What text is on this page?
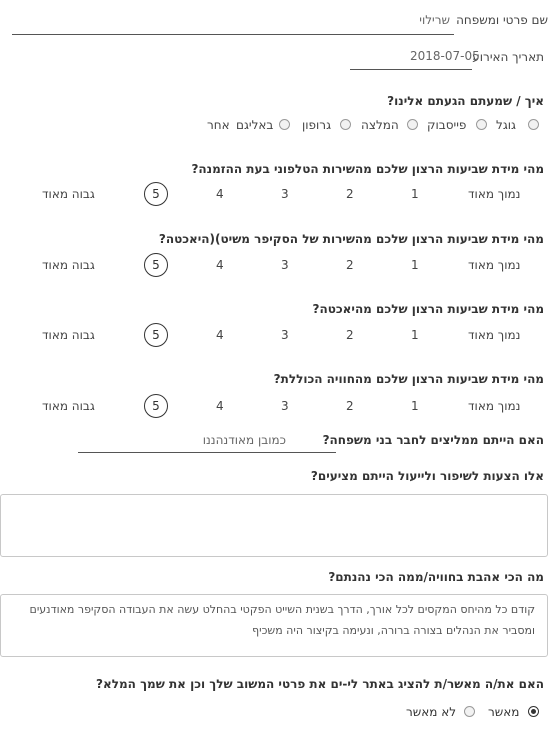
שם פרטי ומשפחה
שרילוי
תאריך האירוע
2018-07-05
איך / שמעתם הגעתם אלינו?
גוגל
פייסבוק
המלצה
גרופון
באליגם
אחר
מהי מידת שביעות הרצון שלכם מהשירות הטלפוני בעת ההזמנה?
נמוך מאוד
1
2
3
4
5
גבוה מאוד
מהי מידת שביעות הרצון שלכם מהשירות של הסקיפר משיט)(היאכטה?
נמוך מאוד
1
2
3
4
5
גבוה מאוד
מהי מידת שביעות הרצון שלכם מהיאכטה?
נמוך מאוד
1
2
3
4
5
גבוה מאוד
מהי מידת שביעות הרצון שלכם מהחוויה הכוללת?
נמוך מאוד
1
2
3
4
5
גבוה מאוד
האם הייתם ממליצים לחבר בני משפחה?
כמובן מאודנהננו
אלו הצעות לשיפור ולייעול הייתם מציעים?
מה הכי אהבת בחוויה/ממה הכי נהנתם?
קודם כל מהיחס המקסים לכל אורך, הדרך בשנית השייט הפקטי בהחלט עשה את העבודה הסקיפר מאודנעים
ומסביר את הנהלים בצורה ברורה, ונעימה בקיצור היה משכיף
האם את/ה מאשר/ת להציג באתר לי-ים את פרטי המשוב שלך וכן את שמך המלא?
מאשר
לא מאשר
